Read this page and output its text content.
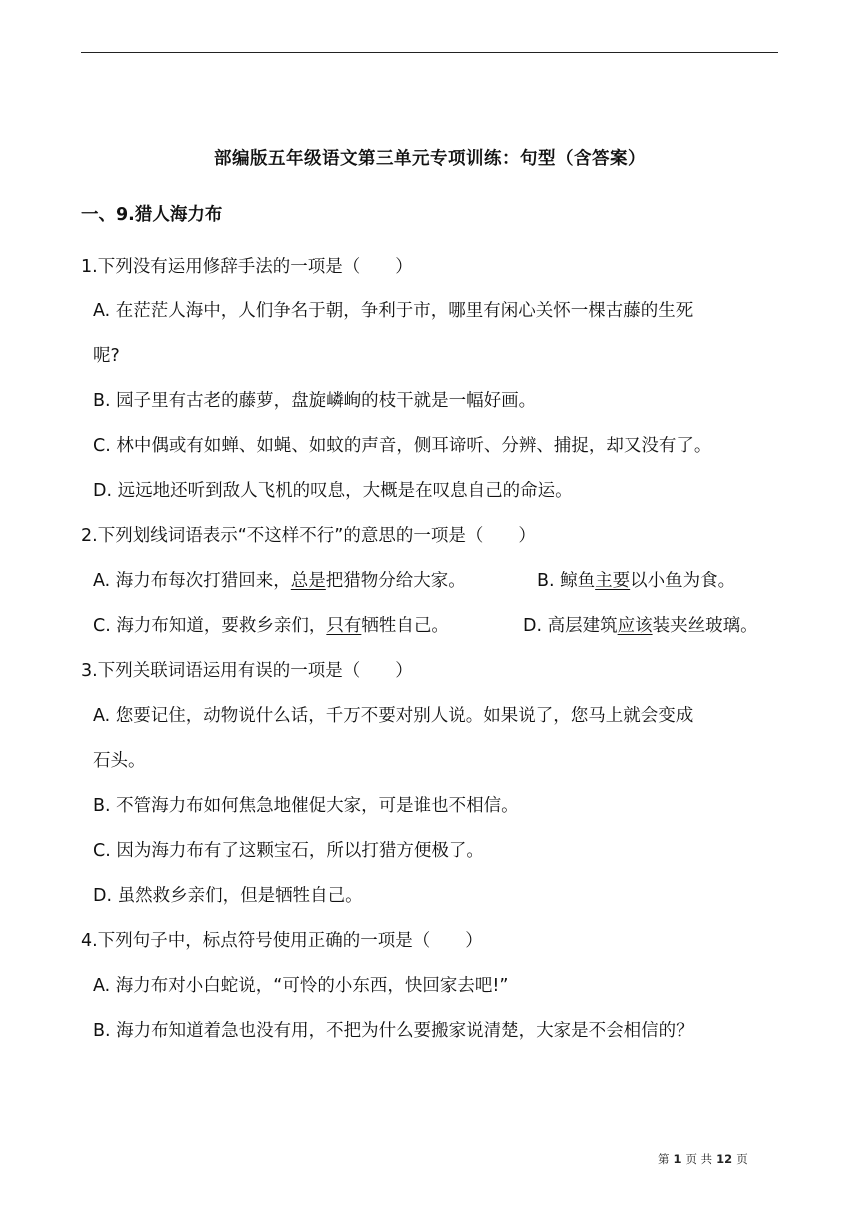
部编版五年级语文第三单元专项训练：句型（含答案）
一、9.猎人海力布
1.下列没有运用修辞手法的一项是（　　）
A. 在茫茫人海中，人们争名于朝，争利于市，哪里有闲心关怀一棵古藤的生死
呢?
B. 园子里有古老的藤萝，盘旋嶙峋的枝干就是一幅好画。
C. 林中偶或有如蝉、如蝇、如蚊的声音，侧耳谛听、分辨、捕捉，却又没有了。
D. 远远地还听到敌人飞机的叹息，大概是在叹息自己的命运。
2.下列划线词语表示“不这样不行”的意思的一项是（　　）
A. 海力布每次打猎回来，总是把猎物分给大家。	B. 鲸鱼主要以小鱼为食。
C. 海力布知道，要救乡亲们，只有牺牲自己。	D. 高层建筑应该装夹丝玻璃。
3.下列关联词语运用有误的一项是（　　）
A. 您要记住，动物说什么话，千万不要对别人说。如果说了，您马上就会变成
石头。
B. 不管海力布如何焦急地催促大家，可是谁也不相信。
C. 因为海力布有了这颗宝石，所以打猎方便极了。
D. 虽然救乡亲们，但是牺牲自己。
4.下列句子中，标点符号使用正确的一项是（　　）
A. 海力布对小白蛇说，“可怜的小东西，快回家去吧!”
B. 海力布知道着急也没有用，不把为什么要搬家说清楚，大家是不会相信的？
第 1 页 共 12 页
